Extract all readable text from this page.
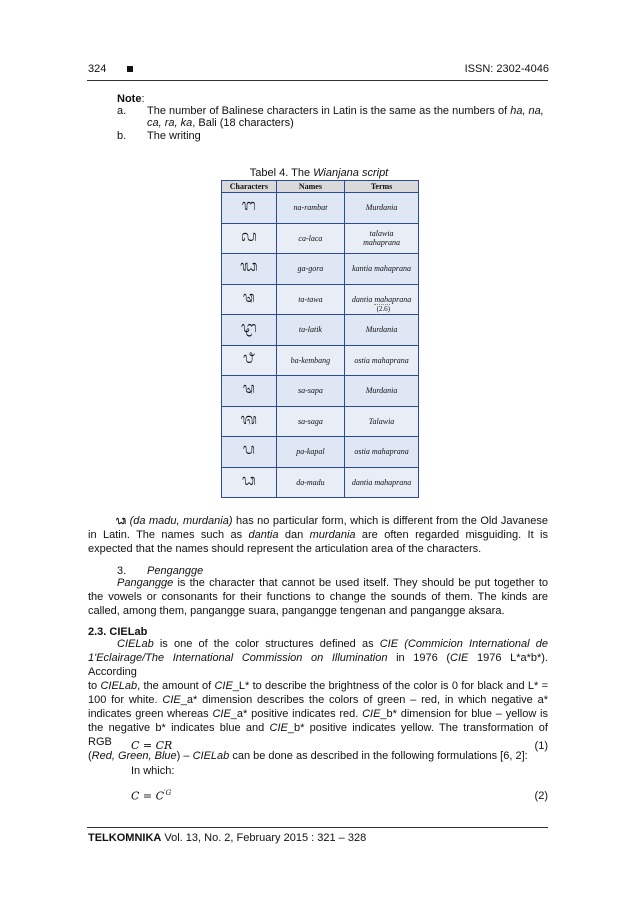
324	ISSN: 2302-4046
Note:
a. The number of Balinese characters in Latin is the same as the numbers of ha, na,
ca, ra, ka, Bali (18 characters)
b. The writing
Tabel 4. The Wianjana script
Characters	Names	Terms
ᬗ	na-rambat	Murdania
ᬙ	ca-laca	talawia mahaprana
ᬖ	ga-gora	kantia mahaprana
ᬣ	ta-tawa	dantia mahaprana
(2.6)

ᬝ	ta-latik	Murdania
ᬨ	ba-kembang	ostia mahaprana
ᬱ	sa-sapa	Murdania
ᬰ	sa-saga	Talawia
ᬧ	pa-kapal	ostia mahaprana
ᬥ	da-madu	dantia mahaprana
ᬥ (da madu, murdania) has no particular form, which is different from the Old Javanese in Latin. The names such as dantia dan murdania are often regarded misguiding. It is expected that the names should represent the articulation area of the characters.
3. Pengangge
Pangangge is the character that cannot be used itself. They should be put together to the vowels or consonants for their functions to change the sounds of them. The kinds are called, among them, pangangge suara, pangangge tengenan and pangangge aksara.
2.3. CIELab
CIELab is one of the color structures defined as CIE (Commicion International de
1'Eclairage/The International Commission on Illumination in 1976 (CIE 1976 L*a*b*). According
to CIELab, the amount of CIE_L* to describe the brightness of the color is 0 for black and L* =
100 for white. CIE_a* dimension describes the colors of green – red, in which negative a*
indicates green whereas CIE_a* positive indicates red. CIE_b* dimension for blue – yellow is
the negative b* indicates blue and CIE_b* positive indicates yellow. The transformation of RGB
(Red, Green, Blue) – CIELab can be done as described in the following formulations [6, 2]:
C = CR	(1)
In which:
$C = C^{'G}$	(2)
TELKOMNIKA Vol. 13, No. 2, February 2015 : 321 – 328
